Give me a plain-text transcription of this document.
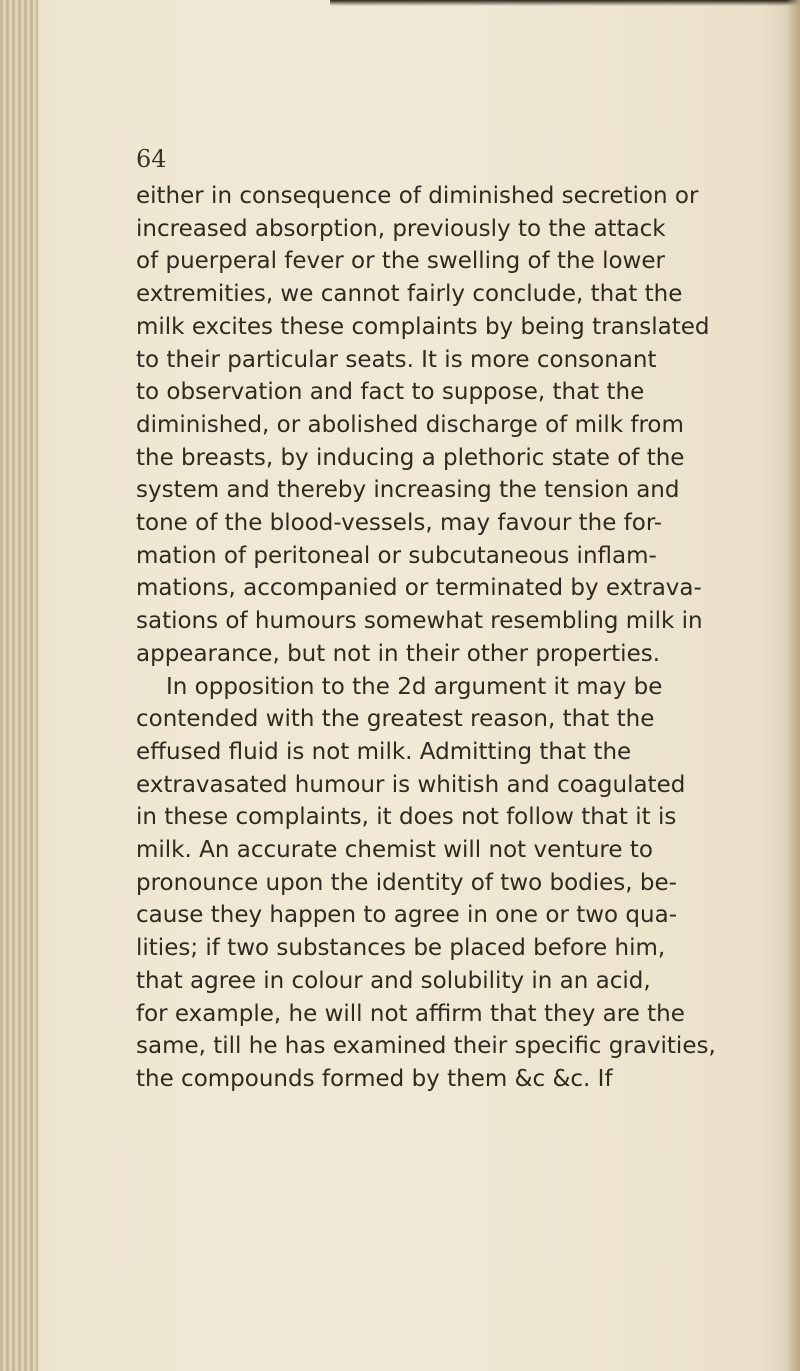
64

either in consequence of diminished secretion or
increased absorption, previously to the attack
of puerperal fever or the swelling of the lower
extremities, we cannot fairly conclude, that the
milk excites these complaints by being translated
to their particular seats. It is more consonant
to observation and fact to suppose, that the
diminished, or abolished discharge of milk from
the breasts, by inducing a plethoric state of the
system and thereby increasing the tension and
tone of the blood-vessels, may favour the for-
mation of peritoneal or subcutaneous inflam-
mations, accompanied or terminated by extrava-
sations of humours somewhat resembling milk in
appearance, but not in their other properties.
In opposition to the 2d argument it may be
contended with the greatest reason, that the
effused fluid is not milk. Admitting that the
extravasated humour is whitish and coagulated
in these complaints, it does not follow that it is
milk. An accurate chemist will not venture to
pronounce upon the identity of two bodies, be-
cause they happen to agree in one or two qua-
lities; if two substances be placed before him,
that agree in colour and solubility in an acid,
for example, he will not affirm that they are the
same, till he has examined their specific gravities,
the compounds formed by them &c &c. If
